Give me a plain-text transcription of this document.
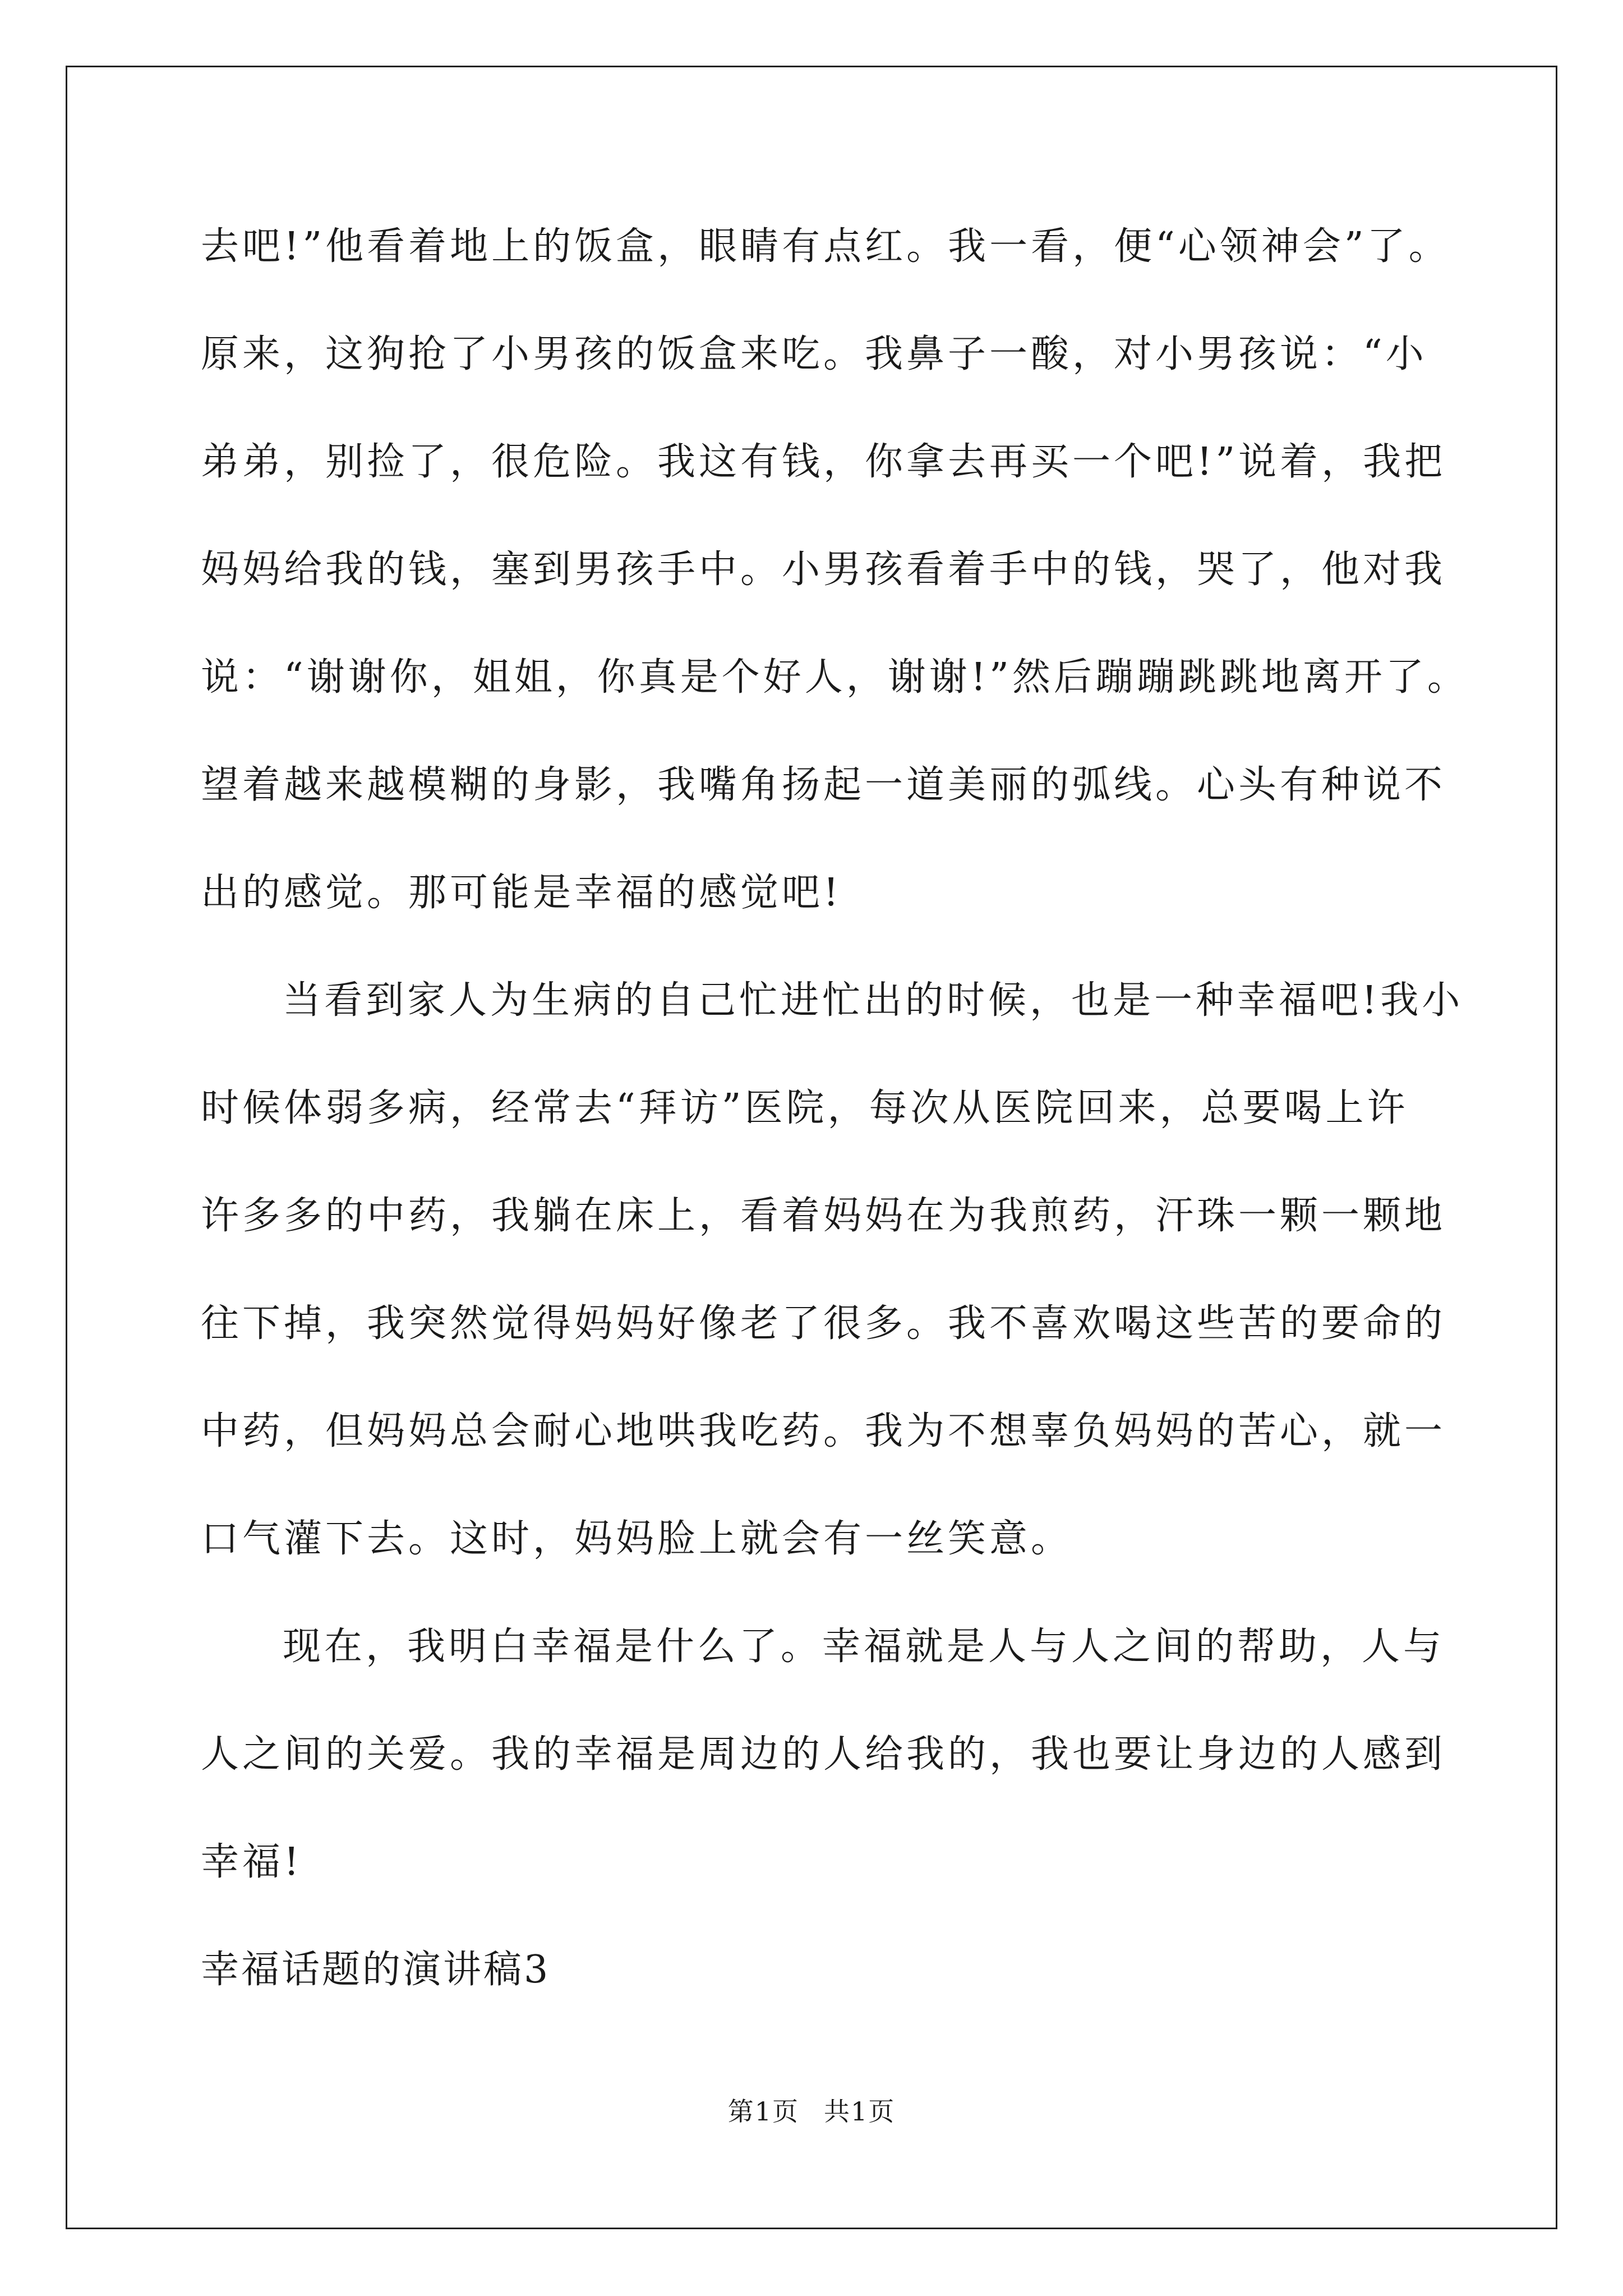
去吧!”他看着地上的饭盒，眼睛有点红。我一看，便“心领神会”了。
原来，这狗抢了小男孩的饭盒来吃。我鼻子一酸，对小男孩说：“小
弟弟，别捡了，很危险。我这有钱，你拿去再买一个吧!”说着，我把
妈妈给我的钱，塞到男孩手中。小男孩看着手中的钱，哭了，他对我
说：“谢谢你，姐姐，你真是个好人，谢谢!”然后蹦蹦跳跳地离开了。
望着越来越模糊的身影，我嘴角扬起一道美丽的弧线。心头有种说不
出的感觉。那可能是幸福的感觉吧!
当看到家人为生病的自己忙进忙出的时候，也是一种幸福吧!我小
时候体弱多病，经常去“拜访”医院，每次从医院回来，总要喝上许
许多多的中药，我躺在床上，看着妈妈在为我煎药，汗珠一颗一颗地
往下掉，我突然觉得妈妈好像老了很多。我不喜欢喝这些苦的要命的
中药，但妈妈总会耐心地哄我吃药。我为不想辜负妈妈的苦心，就一
口气灌下去。这时，妈妈脸上就会有一丝笑意。
现在，我明白幸福是什么了。幸福就是人与人之间的帮助，人与
人之间的关爱。我的幸福是周边的人给我的，我也要让身边的人感到
幸福!
幸福话题的演讲稿3
第1页 共1页
